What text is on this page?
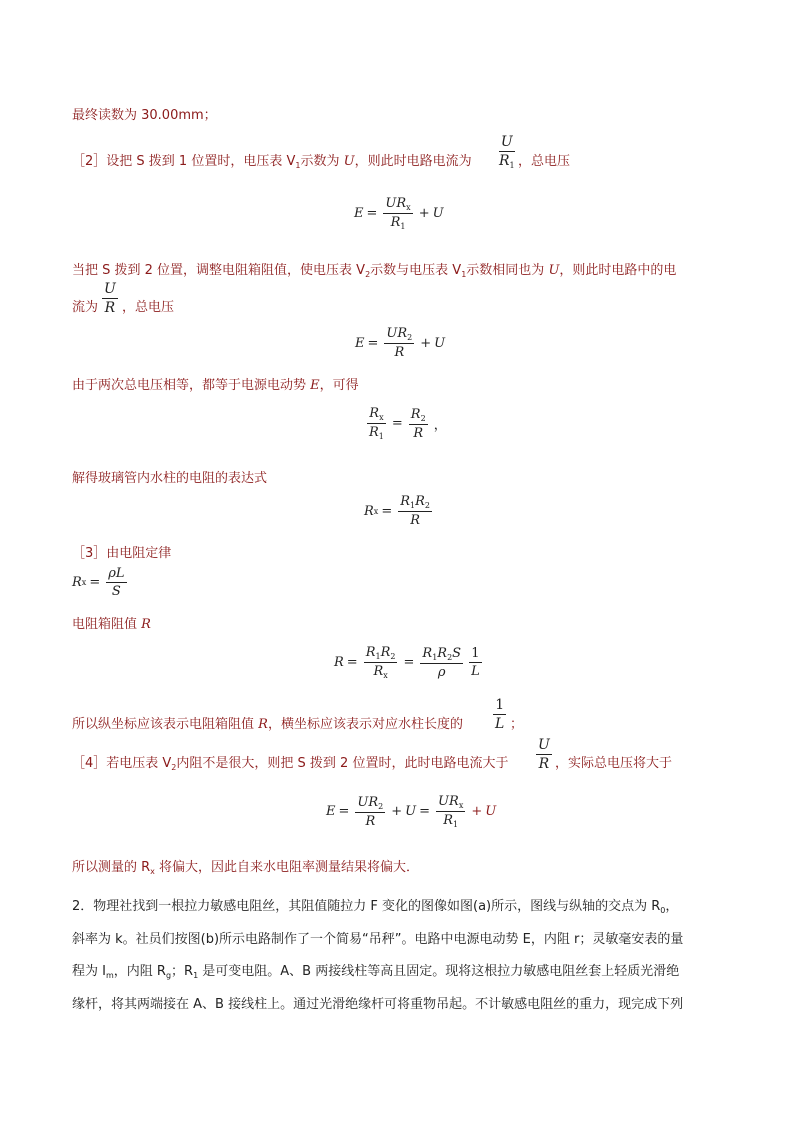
最终读数为 30.00mm；
［2］设把 S 拨到 1 位置时，电压表 $V_1$示数为 U，则此时电路电流为 $\frac{U}{R_1}$ ，总电压
$E = \frac{UR_x}{R_1} + U$
当把 S 拨到 2 位置，调整电阻箱阻值，使电压表 $V_2$示数与电压表 $V_1$示数相同也为 U，则此时电路中的电
流为 $\frac{U}{R}$ ，总电压
$E = \frac{UR_2}{R} + U$
由于两次总电压相等，都等于电源电动势 E，可得
$\frac{R_x}{R_1} = \frac{R_2}{R}$ ，
解得玻璃管内水柱的电阻的表达式
R $x = \frac{R_1R_2}{R}$
［3］由电阻定律
R $x = \frac{\rho L}{S}$
电阻箱阻值 R
$R = \frac{R_1R_2}{R_x} = \frac{R_1R_2S}{\rho} \frac{1}{L}$
所以纵坐标应该表示电阻箱阻值 R，横坐标应该表示对应水柱长度的 $\frac{1}{L}$ ；
［4］若电压表 $V_2$内阻不是很大，则把 S 拨到 2 位置时，此时电路电流大于 $\frac{U}{R}$ ，实际总电压将大于
$E = \frac{UR_2}{R} + U = \frac{UR_x}{R_1} + U$
所以测量的 $R_x$ 将偏大，因此自来水电阻率测量结果将偏大．
2．物理社找到一根拉力敏感电阻丝，其阻值随拉力 F 变化的图像如图(a)所示，图线与纵轴的交点为 $R_0$，
斜率为 k。社员们按图(b)所示电路制作了一个简易“吊秤”。电路中电源电动势 E，内阻 r；灵敏毫安表的量
程为 $I_m$，内阻 $R_g$；$R_1$ 是可变电阻。A、B 两接线柱等高且固定。现将这根拉力敏感电阻丝套上轻质光滑绝
缘杆，将其两端接在 A、B 接线柱上。通过光滑绝缘杆可将重物吊起。不计敏感电阻丝的重力，现完成下列
